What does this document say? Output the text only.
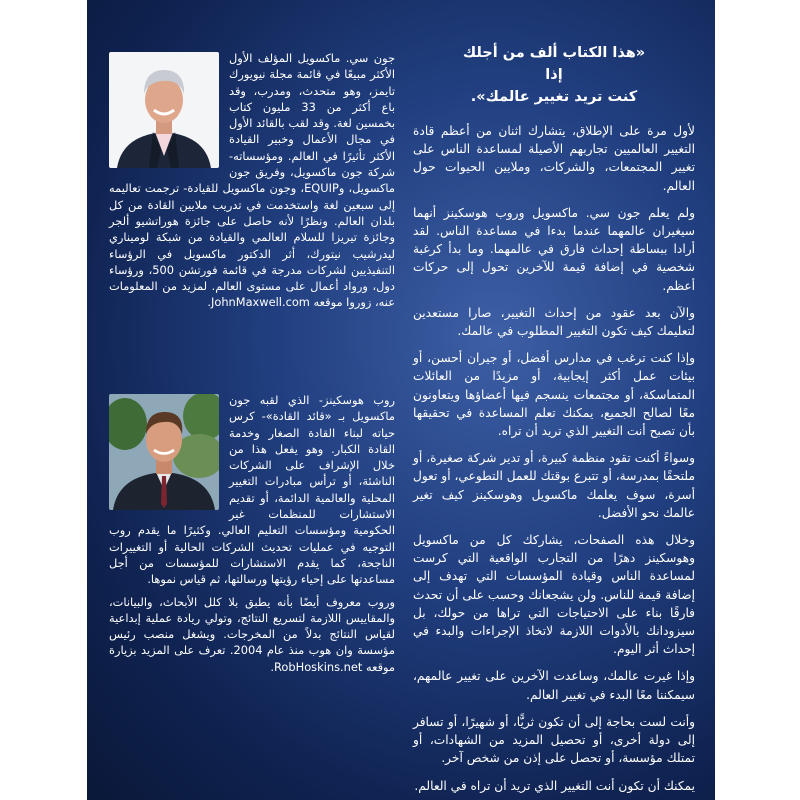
«هذا الكتاب ألف من أجلك
إذا
كنت تريد تغيير عالمك».

لأول مرة على الإطلاق، يتشارك اثنان من أعظم قادة التغيير العالميين تجاربهم الأصيلة لمساعدة الناس على تغيير المجتمعات، والشركات، وملايين الحيوات حول العالم.

ولم يعلم جون سي. ماكسويل وروب هوسكينز أنهما سيغيران عالمهما عندما بدءا في مساعدة الناس. لقد أرادا ببساطة إحداث فارق في عالمهما. وما بدأ كرغبة شخصية في إضافة قيمة للآخرين تحول إلى حركات أعظم.

والآن بعد عقود من إحداث التغيير، صارا مستعدين لتعليمك كيف تكون التغيير المطلوب في عالمك.

وإذا كنت ترغب في مدارس أفضل، أو جيران أحسن، أو بيئات عمل أكثر إيجابية، أو مزيدًا من العائلات المتماسكة، أو مجتمعات ينسجم فيها أعضاؤها ويتعاونون معًا لصالح الجميع، يمكنك تعلم المساعدة في تحقيقها بأن تصبح أنت التغيير الذي تريد أن تراه.

وسواءً أكنت تقود منظمة كبيرة، أو تدير شركة صغيرة، أو ملتحقًا بمدرسة، أو تتبرع بوقتك للعمل التطوعي، أو تعول أسرة، سوف يعلمك ماكسويل وهوسكينز كيف تغير عالمك نحو الأفضل.

وخلال هذه الصفحات، يشاركك كل من ماكسويل وهوسكينز دهرًا من التجارب الواقعية التي كرست لمساعدة الناس وقيادة المؤسسات التي تهدف إلى إضافة قيمة للناس. ولن يشجعانك وحسب على أن تحدث فارقًا بناء على الاحتياجات التي تراها من حولك، بل سيزودانك بالأدوات اللازمة لاتخاذ الإجراءات والبدء في إحداث أثر اليوم.

وإذا غيرت عالمك، وساعدت الآخرين على تغيير عالمهم، سيمكننا معًا البدء في تغيير العالم.

وأنت لست بحاجة إلى أن تكون ثريًّا، أو شهيرًا، أو تسافر إلى دولة أخرى، أو تحصيل المزيد من الشهادات، أو تمتلك مؤسسة، أو تحصل على إذن من شخص آخر.

يمكنك أن تكون أنت التغيير الذي تريد أن تراه في العالم.

جون سي. ماكسويل المؤلف الأول الأكثر مبيعًا في قائمة مجلة نيويورك تايمز، وهو متحدث، ومدرب، وقد باع أكثر من 33 مليون كتاب بخمسين لغة. وقد لقب بالقائد الأول في مجال الأعمال وخبير القيادة الأكثر تأثيرًا في العالم. ومؤسساته- شركة جون ماكسويل، وفريق جون ماكسويل، وEQUIP، وجون ماكسويل للقيادة- ترجمت تعاليمه إلى سبعين لغة واستخدمت في تدريب ملايين القادة من كل بلدان العالم. ونظرًا لأنه حاصل على جائزة هوراتشيو ألجر وجائزة تيريزا للسلام العالمي والقيادة من شبكة لوميناري ليدرشيب نيتورك، أثر الدكتور ماكسويل في الرؤساء التنفيذيين لشركات مدرجة في قائمة فورتشن 500، ورؤساء دول، ورواد أعمال على مستوى العالم. لمزيد من المعلومات عنه، زوروا موقعه JohnMaxwell.com.

روب هوسكينز- الذي لقبه جون ماكسويل بـ «قائد القادة»- كرس حياته لبناء القادة الصغار وخدمة القادة الكبار. وهو يفعل هذا من خلال الإشراف على الشركات الناشئة، أو ترأس مبادرات التغيير المحلية والعالمية الدائمة، أو تقديم الاستشارات للمنظمات غير الحكومية ومؤسسات التعليم العالي. وكثيرًا ما يقدم روب التوجيه في عمليات تحديث الشركات الحالية أو التغييرات الناجحة، كما يقدم الاستشارات للمؤسسات من أجل مساعدتها على إحياء رؤيتها ورسالتها، ثم قياس نموها.

وروب معروف أيضًا بأنه يطبق بلا كلل الأبحاث، والبيانات، والمقاييس اللازمة لتسريع النتائج، وتولي ريادة عملية إبداعية لقياس النتائج بدلاً من المخرجات. ويشغل منصب رئيس مؤسسة وان هوب منذ عام 2004. تعرف على المزيد بزيارة موقعه RobHoskins.net.
